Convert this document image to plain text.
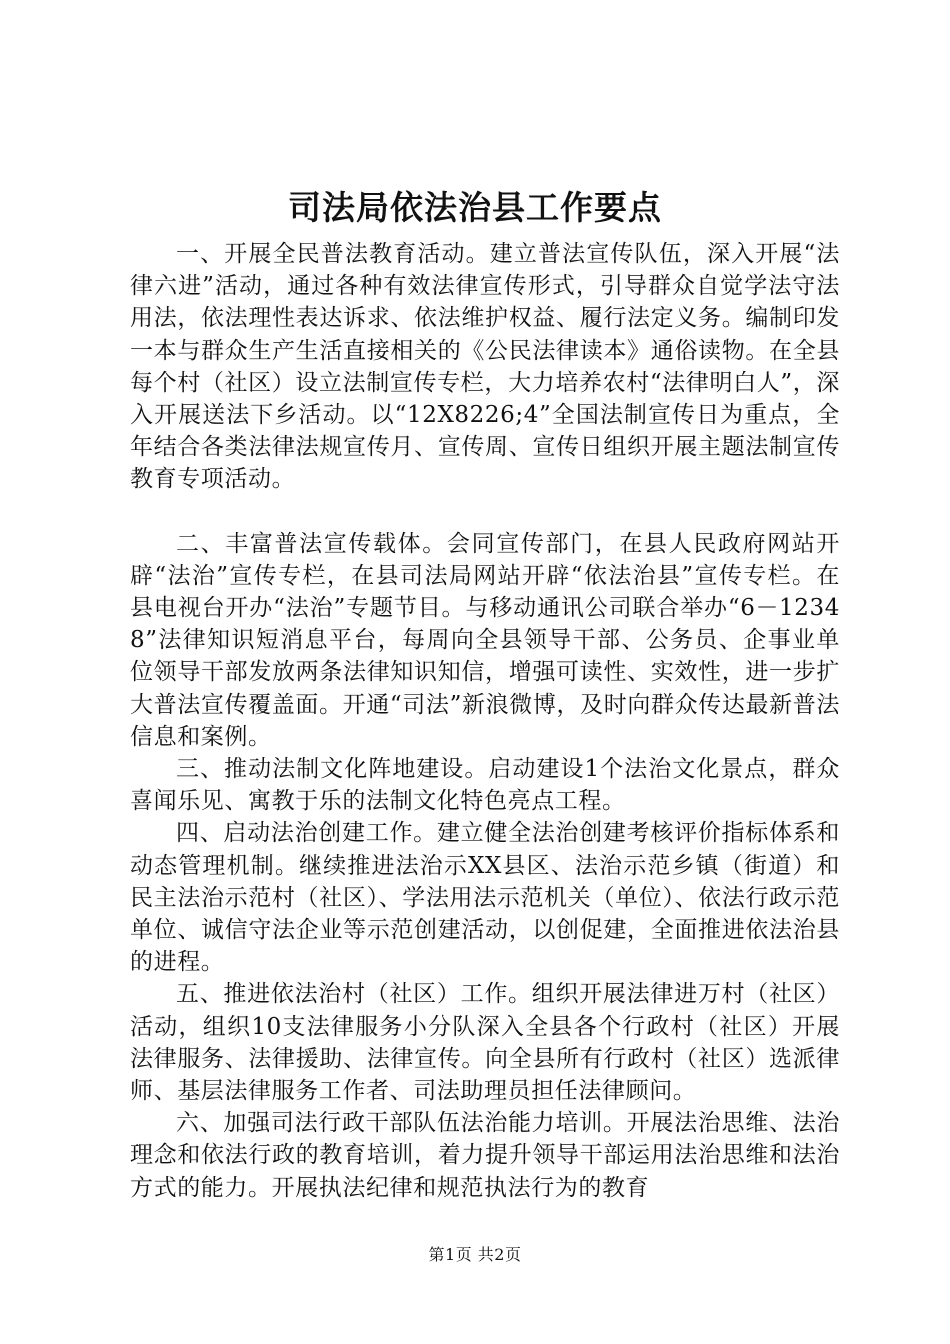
司法局依法治县工作要点

一、开展全民普法教育活动。建立普法宣传队伍，深入开展“法律六进”活动，通过各种有效法律宣传形式，引导群众自觉学法守法用法，依法理性表达诉求、依法维护权益、履行法定义务。编制印发一本与群众生产生活直接相关的《公民法律读本》通俗读物。在全县每个村（社区）设立法制宣传专栏，大力培养农村“法律明白人”，深入开展送法下乡活动。以“12X8226;4”全国法制宣传日为重点，全年结合各类法律法规宣传月、宣传周、宣传日组织开展主题法制宣传教育专项活动。

二、丰富普法宣传载体。会同宣传部门，在县人民政府网站开辟“法治”宣传专栏，在县司法局网站开辟“依法治县”宣传专栏。在县电视台开办“法治”专题节目。与移动通讯公司联合举办“6－12348”法律知识短消息平台，每周向全县领导干部、公务员、企事业单位领导干部发放两条法律知识知信，增强可读性、实效性，进一步扩大普法宣传覆盖面。开通“司法”新浪微博，及时向群众传达最新普法信息和案例。

三、推动法制文化阵地建设。启动建设1个法治文化景点，群众喜闻乐见、寓教于乐的法制文化特色亮点工程。

四、启动法治创建工作。建立健全法治创建考核评价指标体系和动态管理机制。继续推进法治示XX县区、法治示范乡镇（街道）和民主法治示范村（社区）、学法用法示范机关（单位）、依法行政示范单位、诚信守法企业等示范创建活动，以创促建，全面推进依法治县的进程。

五、推进依法治村（社区）工作。组织开展法律进万村（社区）活动，组织10支法律服务小分队深入全县各个行政村（社区）开展法律服务、法律援助、法律宣传。向全县所有行政村（社区）选派律师、基层法律服务工作者、司法助理员担任法律顾问。

六、加强司法行政干部队伍法治能力培训。开展法治思维、法治理念和依法行政的教育培训，着力提升领导干部运用法治思维和法治方式的能力。开展执法纪律和规范执法行为的教育

第1页 共2页
